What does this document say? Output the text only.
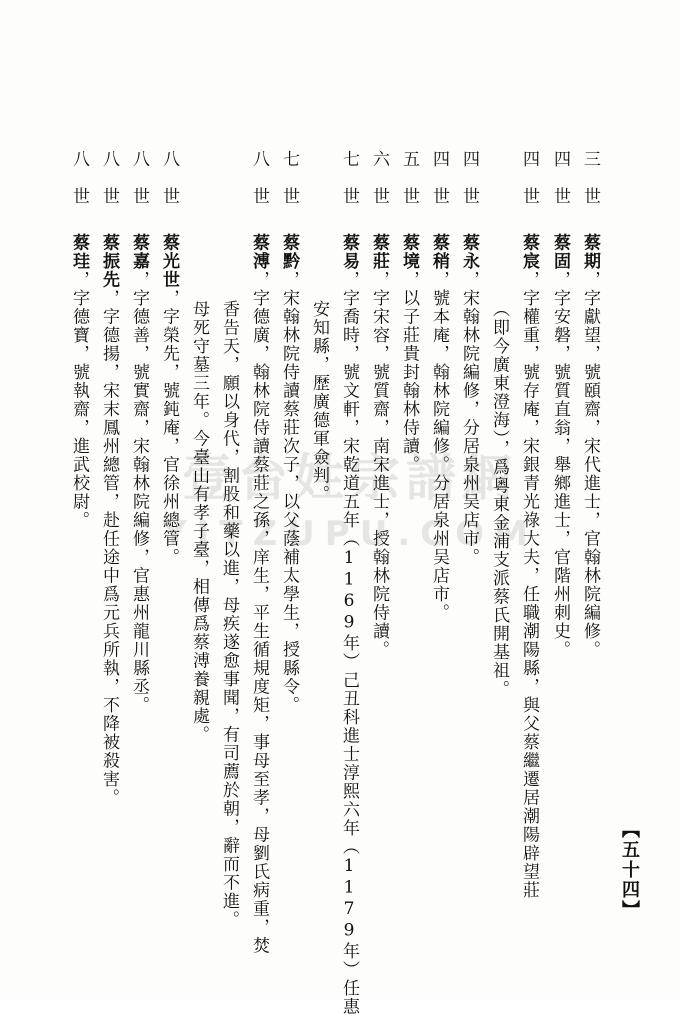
壹台姓宗譜網
YITZUPU.COM
【五十四】
三　世蔡期，字獻望，號頤齋，宋代進士，官翰林院編修。
四　世蔡固，字安磐，號質直翁，舉鄉進士，官階州刺史。
四　世蔡宸，字權重，號存庵，宋銀青光祿大夫，任職潮陽縣，與父蔡繼遷居潮陽辟望莊
（即今廣東澄海），爲粵東金浦支派蔡氏開基祖。
四　世蔡永，宋翰林院編修，分居泉州吴店市。
四　世蔡稍，號本庵，翰林院編修。分居泉州吴店市。
五　世蔡境，以子莊貴封翰林侍讀。
六　世蔡莊，字宋容，號質齋，南宋進士，授翰林院侍讀。
七　世蔡易，字喬時，號文軒，宋乾道五年（1169年）己丑科進士淳熙六年（1179年）任惠
安知縣，歷廣德軍僉判。
七　世蔡黔，宋翰林院侍讀蔡莊次子，以父蔭補太學生，授縣令。
八　世蔡溥，字德廣，翰林院侍讀蔡莊之孫，庠生，平生循規度矩，事母至孝，母劉氏病重，焚
香告天，願以身代，割股和藥以進，母疾遂愈事聞，有司薦於朝，辭而不進。
母死守墓三年。今臺山有孝子臺，相傳爲蔡溥養親處。
八　世蔡光世，字榮先，號鈍庵，官徐州總管。
八　世蔡嘉，字德善，號實齋，宋翰林院編修，官惠州龍川縣丞。
八　世蔡振先，字德揚，宋末鳳州總管，赴任途中爲元兵所執，不降被殺害。
八　世蔡珪，字德寶，號執齋，進武校尉。
